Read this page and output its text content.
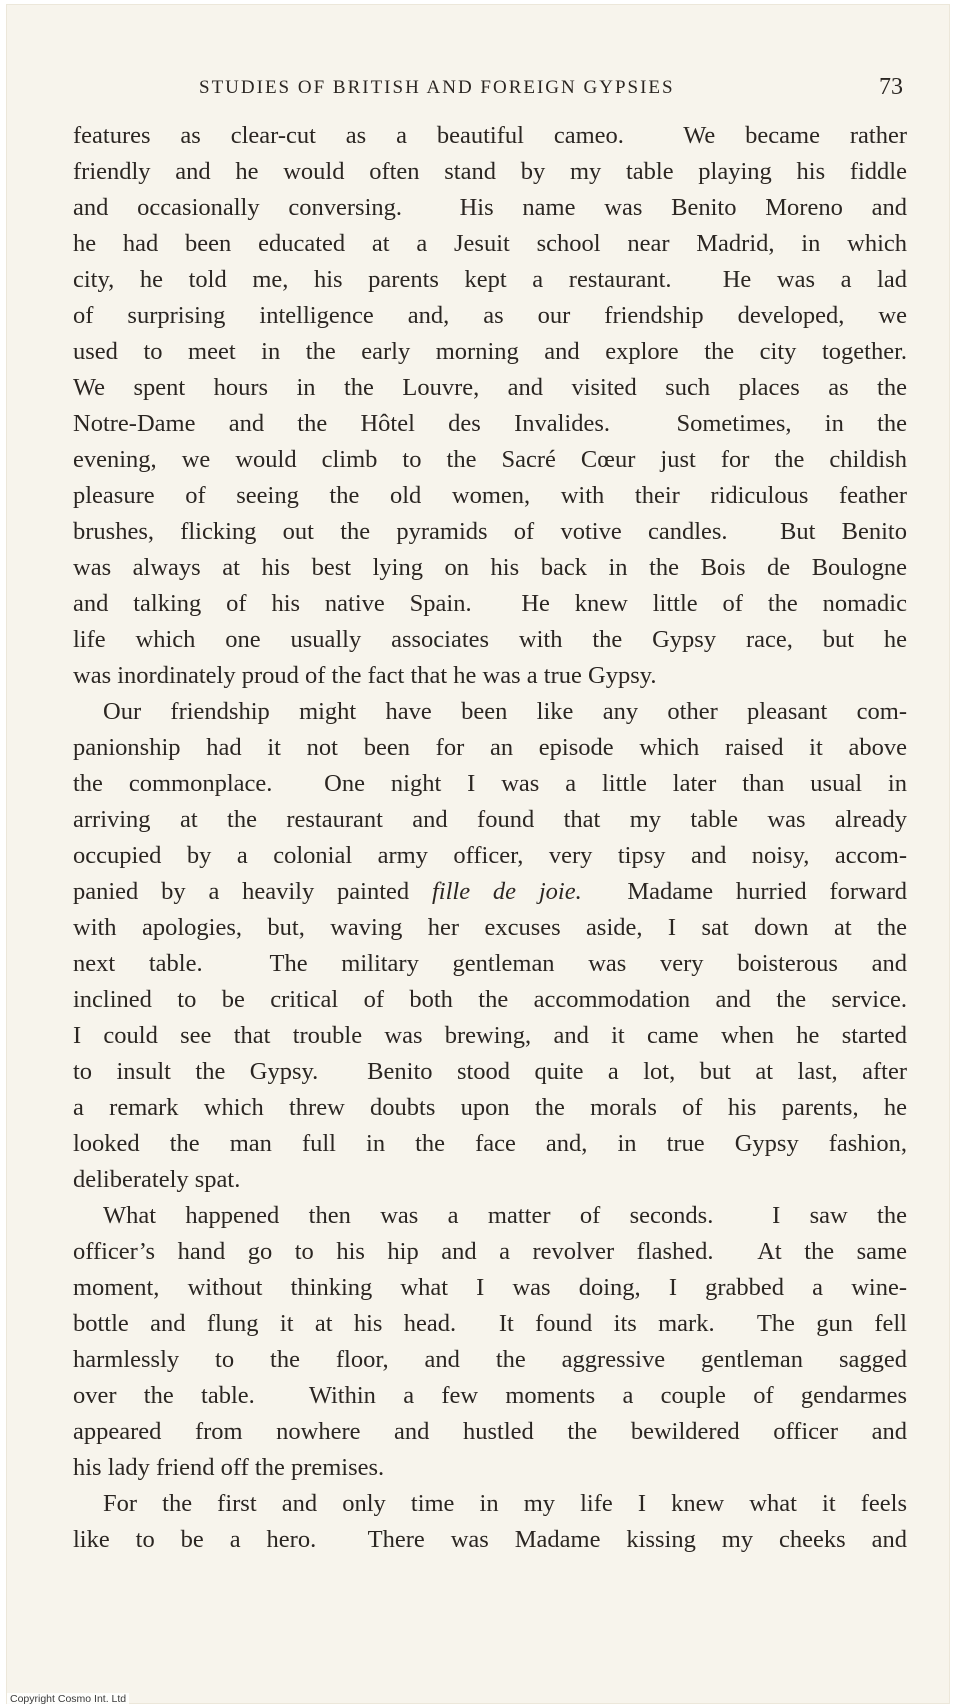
STUDIES OF BRITISH AND FOREIGN GYPSIES	73

features as clear-cut as a beautiful cameo.  We became rather
friendly and he would often stand by my table playing his fiddle
and occasionally conversing.  His name was Benito Moreno and
he had been educated at a Jesuit school near Madrid, in which
city, he told me, his parents kept a restaurant.  He was a lad
of surprising intelligence and, as our friendship developed, we
used to meet in the early morning and explore the city together.
We spent hours in the Louvre, and visited such places as the
Notre-Dame and the Hôtel des Invalides.  Sometimes, in the
evening, we would climb to the Sacré Cœur just for the childish
pleasure of seeing the old women, with their ridiculous feather
brushes, flicking out the pyramids of votive candles.  But Benito
was always at his best lying on his back in the Bois de Boulogne
and talking of his native Spain.  He knew little of the nomadic
life which one usually associates with the Gypsy race, but he
was inordinately proud of the fact that he was a true Gypsy.

Our friendship might have been like any other pleasant com-
panionship had it not been for an episode which raised it above
the commonplace.  One night I was a little later than usual in
arriving at the restaurant and found that my table was already
occupied by a colonial army officer, very tipsy and noisy, accom-
panied by a heavily painted fille de joie.  Madame hurried forward
with apologies, but, waving her excuses aside, I sat down at the
next table.  The military gentleman was very boisterous and
inclined to be critical of both the accommodation and the service.
I could see that trouble was brewing, and it came when he started
to insult the Gypsy.  Benito stood quite a lot, but at last, after
a remark which threw doubts upon the morals of his parents, he
looked the man full in the face and, in true Gypsy fashion,
deliberately spat.

What happened then was a matter of seconds.  I saw the
officer’s hand go to his hip and a revolver flashed.  At the same
moment, without thinking what I was doing, I grabbed a wine-
bottle and flung it at his head.  It found its mark.  The gun fell
harmlessly to the floor, and the aggressive gentleman sagged
over the table.  Within a few moments a couple of gendarmes
appeared from nowhere and hustled the bewildered officer and
his lady friend off the premises.

For the first and only time in my life I knew what it feels
like to be a hero.  There was Madame kissing my cheeks and

Copyright Cosmo Int. Ltd
